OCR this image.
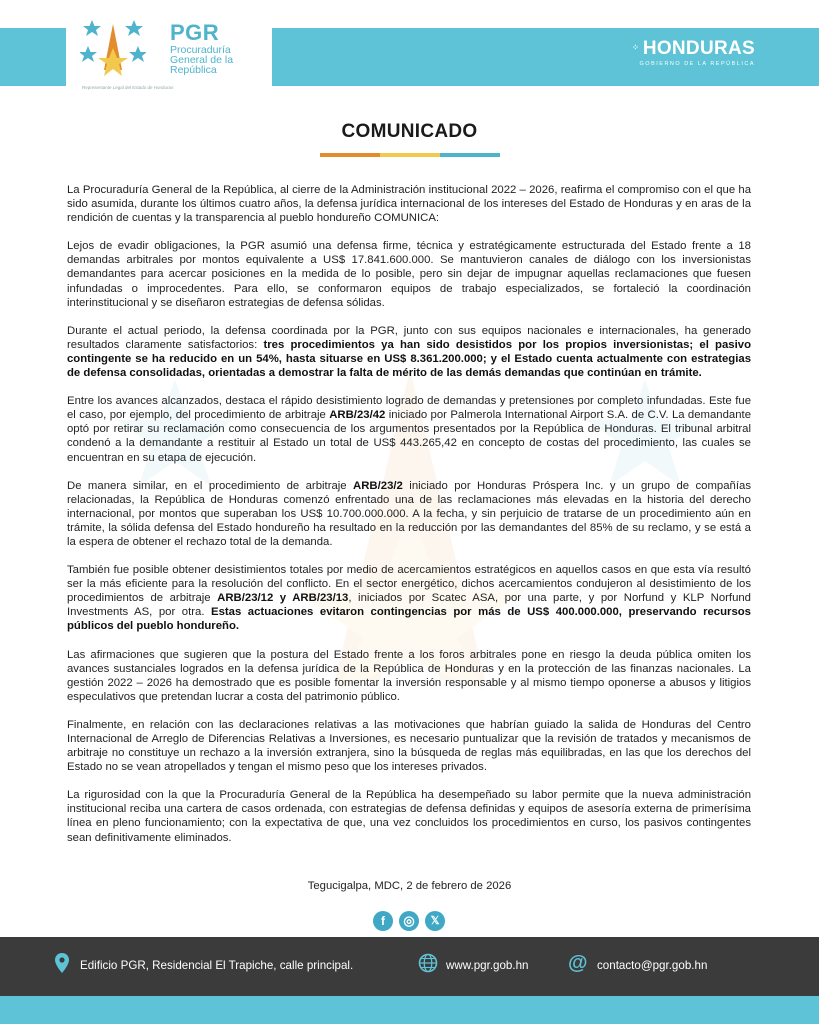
PGR
Procuraduría
General de la
República
Representante Legal del Estado de Honduras
⁘ HONDURAS
GOBIERNO DE LA REPÚBLICA
COMUNICADO

La Procuraduría General de la República, al cierre de la Administración institucional 2022 – 2026, reafirma el compromiso con el que ha sido asumida, durante los últimos cuatro años, la defensa jurídica internacional de los intereses del Estado de Honduras y en aras de la rendición de cuentas y la transparencia al pueblo hondureño COMUNICA:

Lejos de evadir obligaciones, la PGR asumió una defensa firme, técnica y estratégicamente estructurada del Estado frente a 18 demandas arbitrales por montos equivalente a US$ 17.841.600.000. Se mantuvieron canales de diálogo con los inversionistas demandantes para acercar posiciones en la medida de lo posible, pero sin dejar de impugnar aquellas reclamaciones que fuesen infundadas o improcedentes. Para ello, se conformaron equipos de trabajo especializados, se fortaleció la coordinación interinstitucional y se diseñaron estrategias de defensa sólidas.

Durante el actual periodo, la defensa coordinada por la PGR, junto con sus equipos nacionales e internacionales, ha generado resultados claramente satisfactorios: tres procedimientos ya han sido desistidos por los propios inversionistas; el pasivo contingente se ha reducido en un 54%, hasta situarse en US$ 8.361.200.000; y el Estado cuenta actualmente con estrategias de defensa consolidadas, orientadas a demostrar la falta de mérito de las demás demandas que continúan en trámite.

Entre los avances alcanzados, destaca el rápido desistimiento logrado de demandas y pretensiones por completo infundadas. Este fue el caso, por ejemplo, del procedimiento de arbitraje ARB/23/42 iniciado por Palmerola International Airport S.A. de C.V. La demandante optó por retirar su reclamación como consecuencia de los argumentos presentados por la República de Honduras. El tribunal arbitral condenó a la demandante a restituir al Estado un total de US$ 443.265,42 en concepto de costas del procedimiento, las cuales se encuentran en su etapa de ejecución.

De manera similar, en el procedimiento de arbitraje ARB/23/2 iniciado por Honduras Próspera Inc. y un grupo de compañías relacionadas, la República de Honduras comenzó enfrentado una de las reclamaciones más elevadas en la historia del derecho internacional, por montos que superaban los US$ 10.700.000.000. A la fecha, y sin perjuicio de tratarse de un procedimiento aún en trámite, la sólida defensa del Estado hondureño ha resultado en la reducción por las demandantes del 85% de su reclamo, y se está a la espera de obtener el rechazo total de la demanda.

También fue posible obtener desistimientos totales por medio de acercamientos estratégicos en aquellos casos en que esta vía resultó ser la más eficiente para la resolución del conflicto. En el sector energético, dichos acercamientos condujeron al desistimiento de los procedimientos de arbitraje ARB/23/12 y ARB/23/13, iniciados por Scatec ASA, por una parte, y por Norfund y KLP Norfund Investments AS, por otra. Estas actuaciones evitaron contingencias por más de US$ 400.000.000, preservando recursos públicos del pueblo hondureño.

Las afirmaciones que sugieren que la postura del Estado frente a los foros arbitrales pone en riesgo la deuda pública omiten los avances sustanciales logrados en la defensa jurídica de la República de Honduras y en la protección de las finanzas nacionales. La gestión 2022 – 2026 ha demostrado que es posible fomentar la inversión responsable y al mismo tiempo oponerse a abusos y litigios especulativos que pretendan lucrar a costa del patrimonio público.

Finalmente, en relación con las declaraciones relativas a las motivaciones que habrían guiado la salida de Honduras del Centro Internacional de Arreglo de Diferencias Relativas a Inversiones, es necesario puntualizar que la revisión de tratados y mecanismos de arbitraje no constituye un rechazo a la inversión extranjera, sino la búsqueda de reglas más equilibradas, en las que los derechos del Estado no se vean atropellados y tengan el mismo peso que los intereses privados.

La rigurosidad con la que la Procuraduría General de la República ha desempeñado su labor permite que la nueva administración institucional reciba una cartera de casos ordenada, con estrategias de defensa definidas y equipos de asesoría externa de primerísima línea en pleno funcionamiento; con la expectativa de que, una vez concluidos los procedimientos en curso, los pasivos contingentes sean definitivamente eliminados.

Tegucigalpa, MDC, 2 de febrero de 2026
f	◎	𝕏
Edificio PGR, Residencial El Trapiche, calle principal.	www.pgr.gob.hn @ contacto@pgr.gob.hn
